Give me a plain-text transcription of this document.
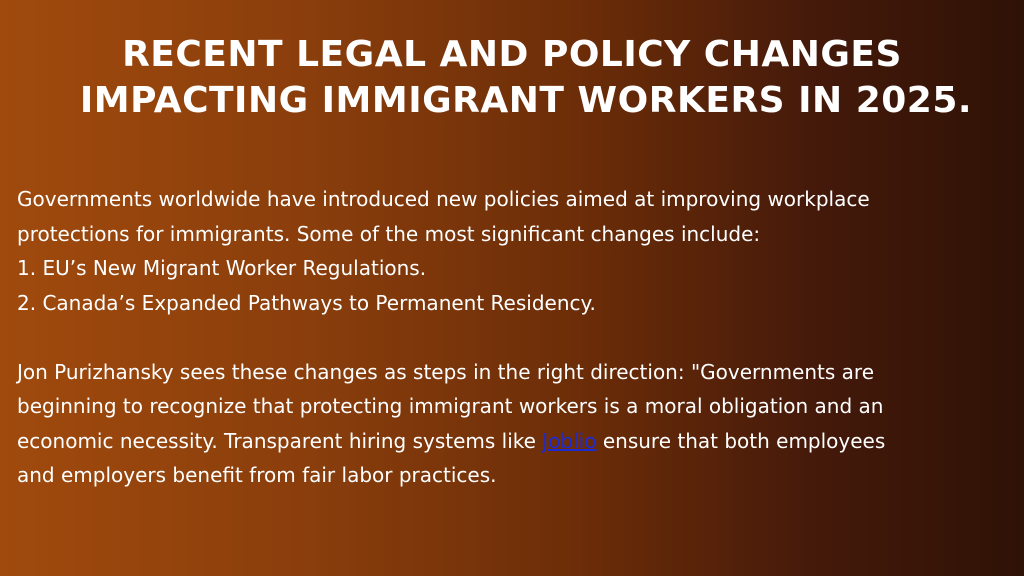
RECENT LEGAL AND POLICY CHANGES
IMPACTING IMMIGRANT WORKERS IN 2025.

Governments worldwide have introduced new policies aimed at improving workplace

protections for immigrants. Some of the most significant changes include:

1. EU’s New Migrant Worker Regulations.

2. Canada’s Expanded Pathways to Permanent Residency.

Jon Purizhansky sees these changes as steps in the right direction: "Governments are

beginning to recognize that protecting immigrant workers is a moral obligation and an

economic necessity. Transparent hiring systems like Joblio ensure that both employees

and employers benefit from fair labor practices.
